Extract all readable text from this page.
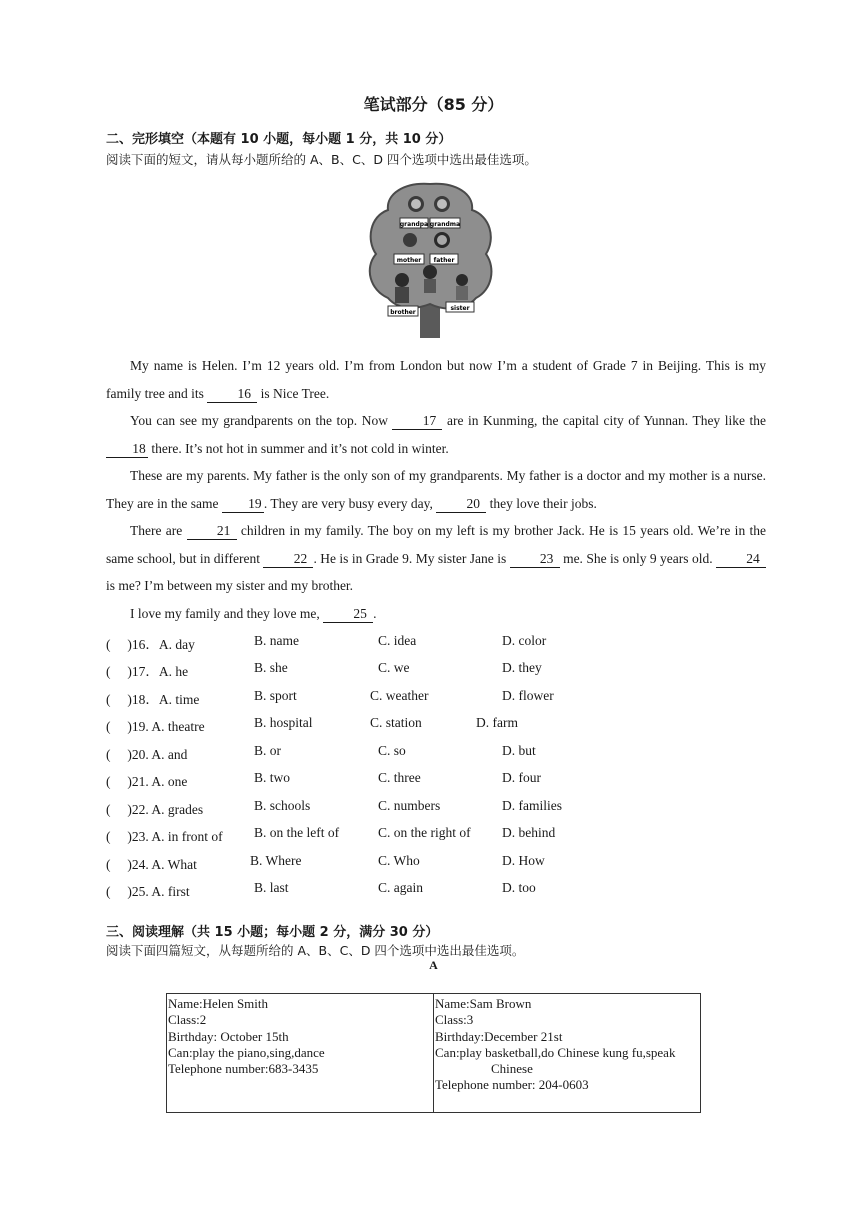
笔试部分（85 分）
二、完形填空（本题有 10 小题，每小题 1 分，共 10 分）
阅读下面的短文，请从每小题所给的 A、B、C、D 四个选项中选出最佳选项。
grandpa grandma
mother father
brother
sister

My name is Helen. I’m 12 years old. I’m from London but now I’m a student of Grade 7 in Beijing. This is my family tree and its 16 is Nice Tree.

You can see my grandparents on the top. Now 17 are in Kunming, the capital city of Yunnan. They like the 18 there. It’s not hot in summer and it’s not cold in winter.

These are my parents. My father is the only son of my grandparents. My father is a doctor and my mother is a nurse. They are in the same 19 . They are very busy every day, 20 they love their jobs.

There are 21 children in my family. The boy on my left is my brother Jack. He is 15 years old. We’re in the same school, but in different 22 . He is in Grade 9. My sister Jane is 23 me. She is only 9 years old. 24 is me? I’m between my sister and my brother.

I love my family and they love me, 25 .

(　 )16．A. day	B. name	C. idea	D. color
(　 )17．A. he	B. she	C. we	D. they
(　 )18．A. time	B. sport	C. weather	D. flower
(　 )19. A. theatre	B. hospital	C. station	D. farm
(　 )20. A. and	B. or	C. so	D. but
(　 )21. A. one	B. two	C. three	D. four
(　 )22. A. grades	B. schools	C. numbers	D. families
(　 )23. A. in front of B. on the left of	C. on the right of D. behind
(　 )24. A. What	B. Where	C. Who	D. How
(　 )25. A. first	B. last	C. again	D. too
三、阅读理解（共 15 小题；每小题 2 分，满分 30 分）
阅读下面四篇短文，从每题所给的 A、B、C、D 四个选项中选出最佳选项。
A
Name:Helen Smith
Class:2
Birthday: October 15th
Can:play the piano,sing,dance
Telephone number:683-3435

Name:Sam Brown
Class:3
Birthday:December 21st
Can:play basketball,do Chinese kung fu,speak
Chinese
Telephone number: 204-0603
